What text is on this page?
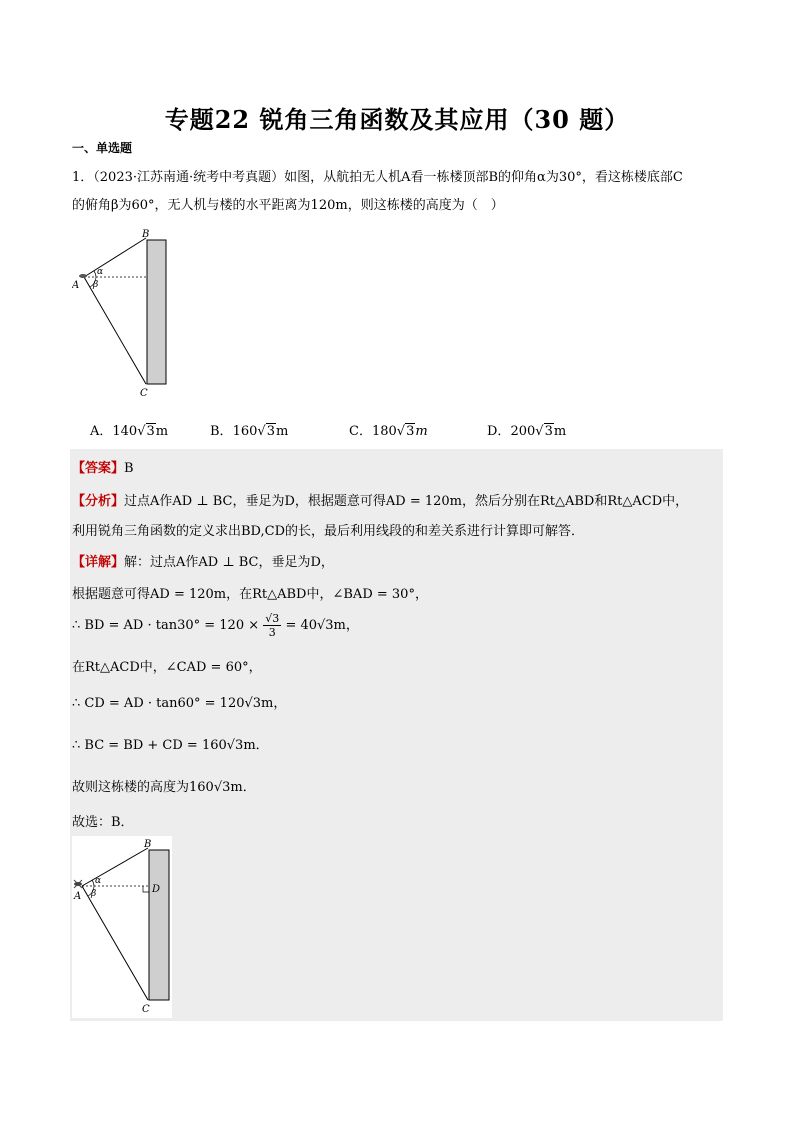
专题22 锐角三角函数及其应用（30 题）
一、单选题
1．（2023·江苏南通·统考中考真题）如图，从航拍无人机A看一栋楼顶部B的仰角α为30°，看这栋楼底部C
的俯角β为60°，无人机与楼的水平距离为120m，则这栋楼的高度为（　）
B
C
A
α
β
A．140√3m	B．160√3m	C．180√3m	D．200√3m
【答案】B
【分析】过点A作AD ⊥ BC，垂足为D，根据题意可得AD = 120m，然后分别在Rt△ABD和Rt△ACD中，
利用锐角三角函数的定义求出BD,CD的长，最后利用线段的和差关系进行计算即可解答．
【详解】解：过点A作AD ⊥ BC，垂足为D，
根据题意可得AD = 120m，在Rt△ABD中，∠BAD = 30°，
∴ BD = AD · $\tan 30^\circ = 120 \times \frac{√3}{3} = 40√3m$，
在Rt△ACD中，∠CAD = 60°，
∴ CD = AD · tan60° = 120√3m，
∴ BC = BD + CD = 160√3m．
故则这栋楼的高度为160√3m．
故选：B．
B
C
A
D
α
β
